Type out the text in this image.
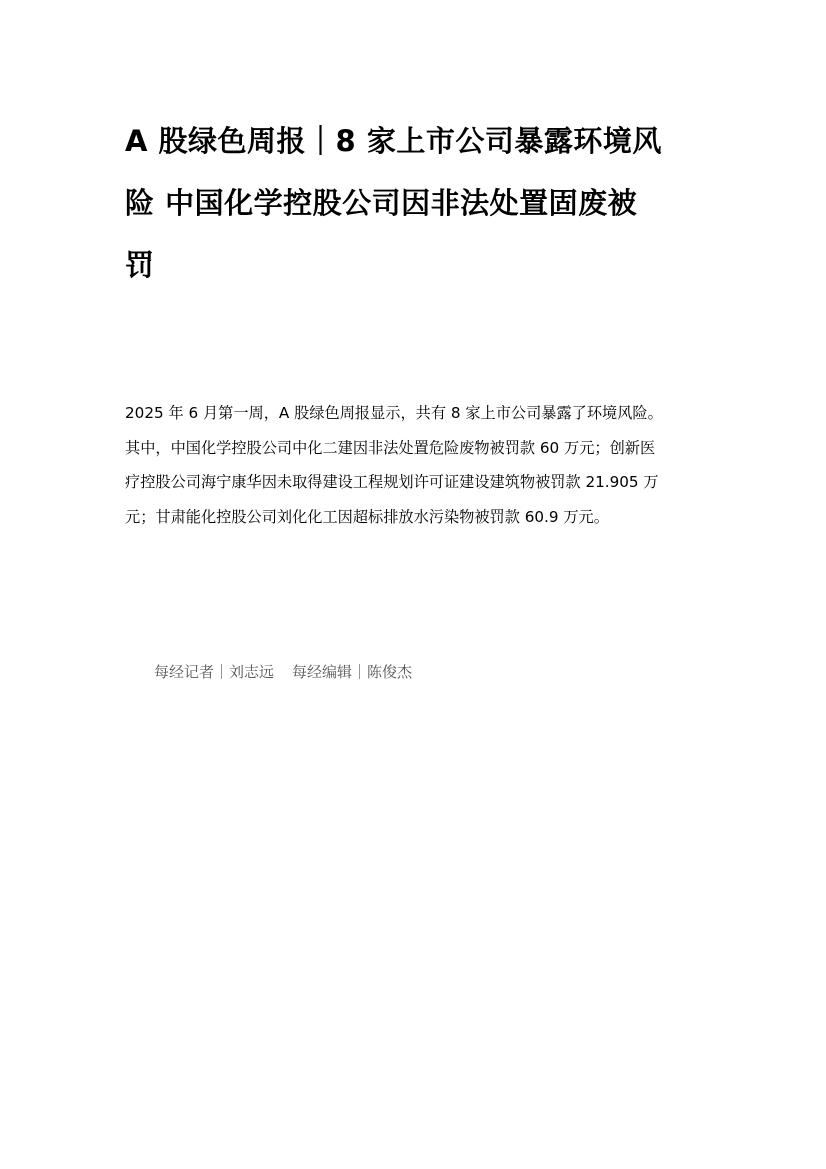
A 股绿色周报｜8 家上市公司暴露环境风
险 中国化学控股公司因非法处置固废被
罚

2025 年 6 月第一周，A 股绿色周报显示，共有 8 家上市公司暴露了环境风险。
其中，中国化学控股公司中化二建因非法处置危险废物被罚款 60 万元；创新医
疗控股公司海宁康华因未取得建设工程规划许可证建设建筑物被罚款 21.905 万
元；甘肃能化控股公司刘化化工因超标排放水污染物被罚款 60.9 万元。

每经记者｜刘志远 每经编辑｜陈俊杰
